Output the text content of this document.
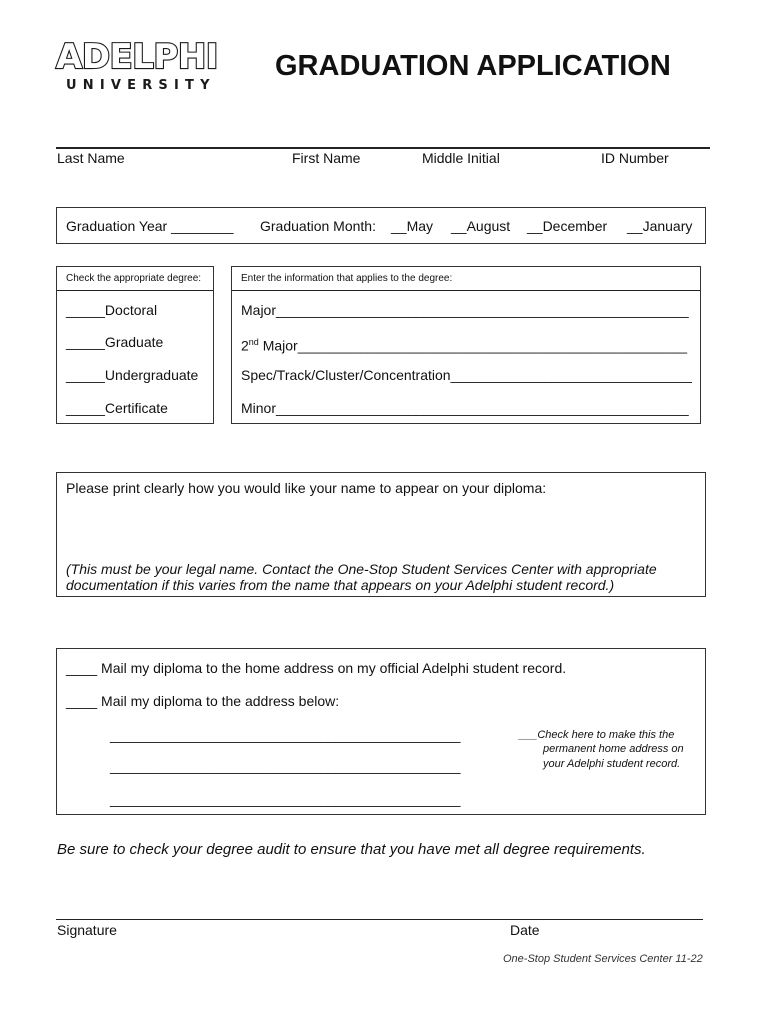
ADELPHI
UNIVERSITY
GRADUATION APPLICATION
Last Name	First Name	Middle Initial	ID Number
Graduation Year ________ Graduation Month: __May __August __December __January
Check the appropriate degree:
_____Doctoral
_____Graduate
_____Undergraduate
_____Certificate
Enter the information that applies to the degree:
Major_____________________________________________________
2nd Major__________________________________________________
Spec/Track/Cluster/Concentration_______________________________
Minor_____________________________________________________
Please print clearly how you would like your name to appear on your diploma:
(This must be your legal name. Contact the One-Stop Student Services Center with appropriate
documentation if this varies from the name that appears on your Adelphi student record.)
____ Mail my diploma to the home address on my official Adelphi student record.
____ Mail my diploma to the address below:
_____________________________________________
_____________________________________________
_____________________________________________
___Check here to make this the
permanent home address on
your Adelphi student record.
Be sure to check your degree audit to ensure that you have met all degree requirements.
Signature	Date
One-Stop Student Services Center 11-22
